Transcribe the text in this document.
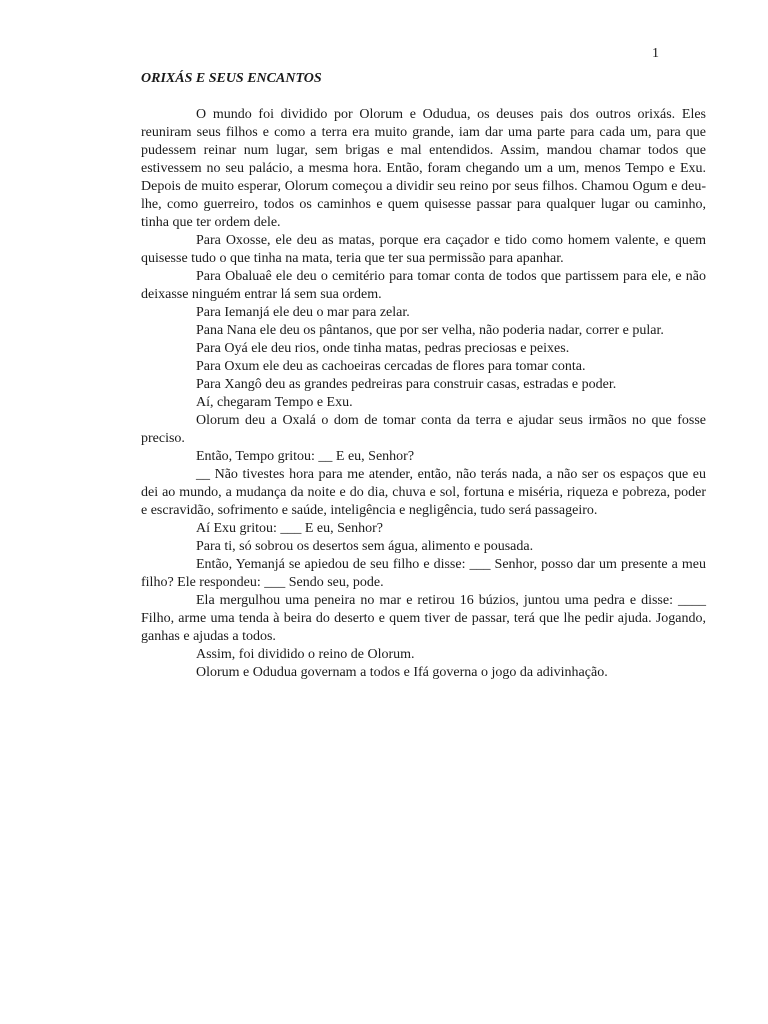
1
ORIXÁS E SEUS ENCANTOS

O mundo foi dividido por Olorum e Odudua, os deuses pais dos outros orixás. Eles reuniram seus filhos e como a terra era muito grande, iam dar uma parte para cada um, para que pudessem reinar num lugar, sem brigas e mal entendidos. Assim, mandou chamar todos que estivessem no seu palácio, a mesma hora. Então, foram chegando um a um, menos Tempo e Exu. Depois de muito esperar, Olorum começou a dividir seu reino por seus filhos. Chamou Ogum e deu-lhe, como guerreiro, todos os caminhos e quem quisesse passar para qualquer lugar ou caminho, tinha que ter ordem dele.

Para Oxosse, ele deu as matas, porque era caçador e tido como homem valente, e quem quisesse tudo o que tinha na mata, teria que ter sua permissão para apanhar.

Para Obaluaê ele deu o cemitério para tomar conta de todos que partissem para ele, e não deixasse ninguém entrar lá sem sua ordem.

Para Iemanjá ele deu o mar para zelar.

Pana Nana ele deu os pântanos, que por ser velha, não poderia nadar, correr e pular.

Para Oyá ele deu rios, onde tinha matas, pedras preciosas e peixes.

Para Oxum ele deu as cachoeiras cercadas de flores para tomar conta.

Para Xangô deu as grandes pedreiras para construir casas, estradas e poder.

Aí, chegaram Tempo e Exu.

Olorum deu a Oxalá o dom de tomar conta da terra e ajudar seus irmãos no que fosse preciso.

Então, Tempo gritou: __ E eu, Senhor?

__ Não tivestes hora para me atender, então, não terás nada, a não ser os espaços que eu dei ao mundo, a mudança da noite e do dia, chuva e sol, fortuna e miséria, riqueza e pobreza, poder e escravidão, sofrimento e saúde, inteligência e negligência, tudo será passageiro.

Aí Exu gritou: ___ E eu, Senhor?

Para ti, só sobrou os desertos sem água, alimento e pousada.

Então, Yemanjá se apiedou de seu filho e disse: ___ Senhor, posso dar um presente a meu filho? Ele respondeu: ___ Sendo seu, pode.

Ela mergulhou uma peneira no mar e retirou 16 búzios, juntou uma pedra e disse: ____ Filho, arme uma tenda à beira do deserto e quem tiver de passar, terá que lhe pedir ajuda. Jogando, ganhas e ajudas a todos.

Assim, foi dividido o reino de Olorum.

Olorum e Odudua governam a todos e Ifá governa o jogo da adivinhação.
